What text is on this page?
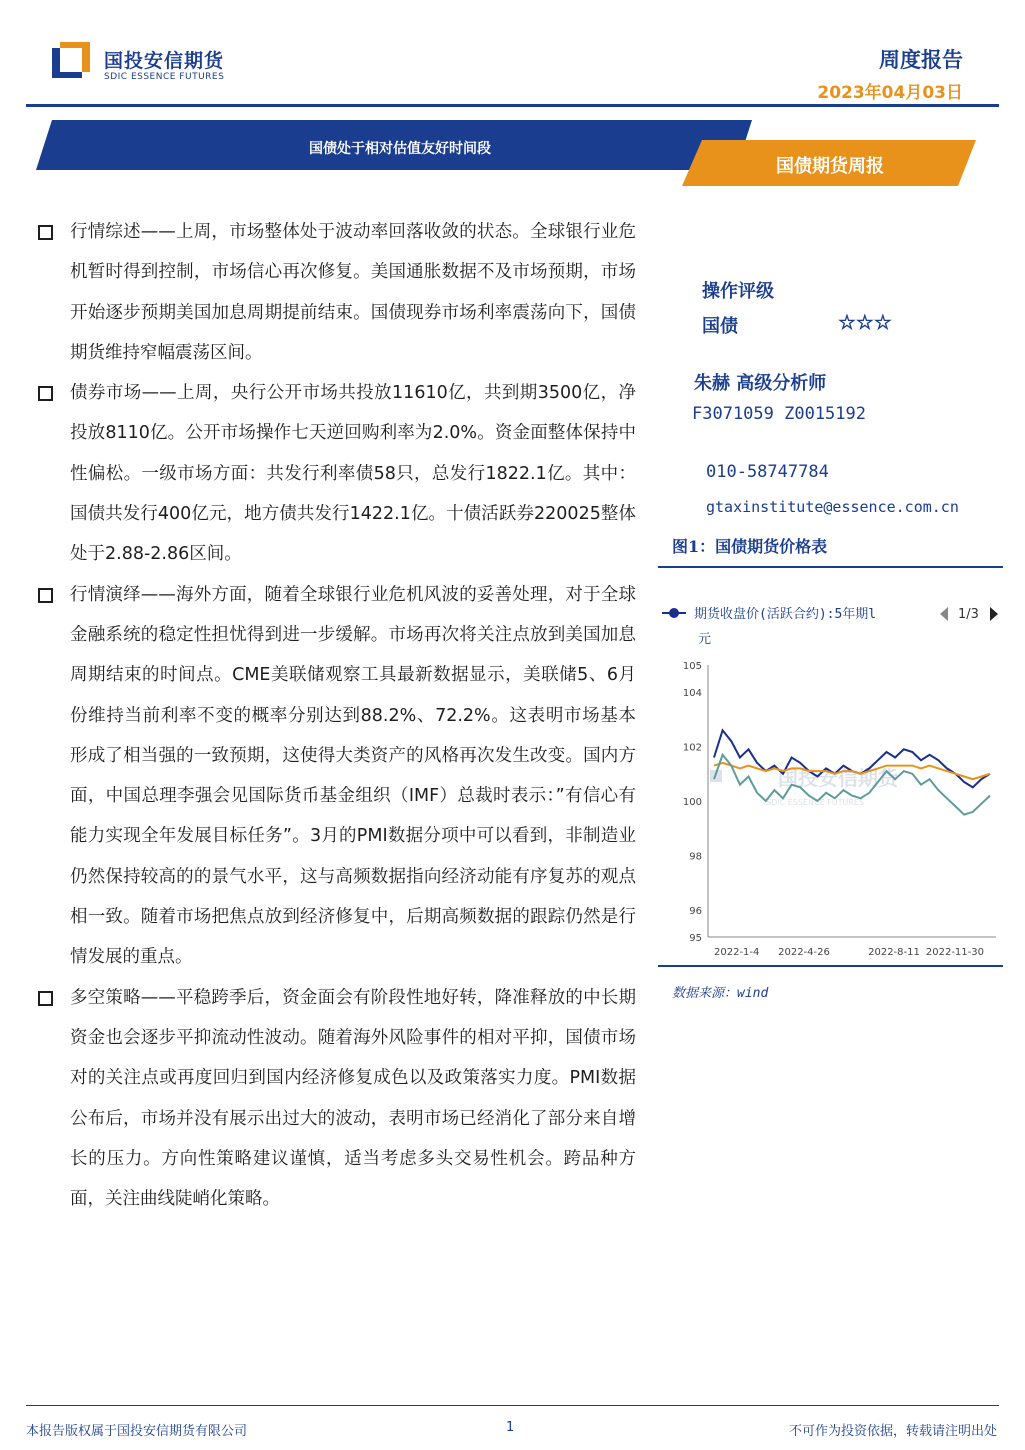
国投安信期货
SDIC ESSENCE FUTURES
周度报告
2023年04月03日
国债处于相对估值友好时间段
国债期货周报
行情综述——上周，市场整体处于波动率回落收敛的状态。全球银行业危机暂时得到控制，市场信心再次修复。美国通胀数据不及市场预期，市场开始逐步预期美国加息周期提前结束。国债现券市场利率震荡向下，国债期货维持窄幅震荡区间。
债券市场——上周，央行公开市场共投放11610亿，共到期3500亿，净投放8110亿。公开市场操作七天逆回购利率为2.0%。资金面整体保持中性偏松。一级市场方面：共发行利率债58只，总发行1822.1亿。其中：国债共发行400亿元，地方债共发行1422.1亿。十债活跃券220025整体处于2.88-2.86区间。
行情演绎——海外方面，随着全球银行业危机风波的妥善处理，对于全球金融系统的稳定性担忧得到进一步缓解。市场再次将关注点放到美国加息周期结束的时间点。CME美联储观察工具最新数据显示，美联储5、6月份维持当前利率不变的概率分别达到88.2%、72.2%。这表明市场基本形成了相当强的一致预期，这使得大类资产的风格再次发生改变。国内方面，中国总理李强会见国际货币基金组织（IMF）总裁时表示：”有信心有能力实现全年发展目标任务”。3月的PMI数据分项中可以看到，非制造业仍然保持较高的的景气水平，这与高频数据指向经济动能有序复苏的观点相一致。随着市场把焦点放到经济修复中，后期高频数据的跟踪仍然是行情发展的重点。
多空策略——平稳跨季后，资金面会有阶段性地好转，降准释放的中长期资金也会逐步平抑流动性波动。随着海外风险事件的相对平抑，国债市场对的关注点或再度回归到国内经济修复成色以及政策落实力度。PMI数据公布后，市场并没有展示出过大的波动，表明市场已经消化了部分来自增长的压力。方向性策略建议谨慎，适当考虑多头交易性机会。跨品种方面，关注曲线陡峭化策略。
操作评级
国债	☆☆☆
朱赫 高级分析师
F3071059 Z0015192
010-58747784
gtaxinstitute@essence.com.cn
图1：国债期货价格表
期货收盘价(活跃合约):5年期l	1/3
元
95
96
98
100
102
104
105
2022-1-4 2022-4-26	2022-8-11 2022-11-30
国投安信期货
SDIC ESSENCE FUTURES
数据来源：wind
本报告版权属于国投安信期货有限公司	1	不可作为投资依据，转载请注明出处
